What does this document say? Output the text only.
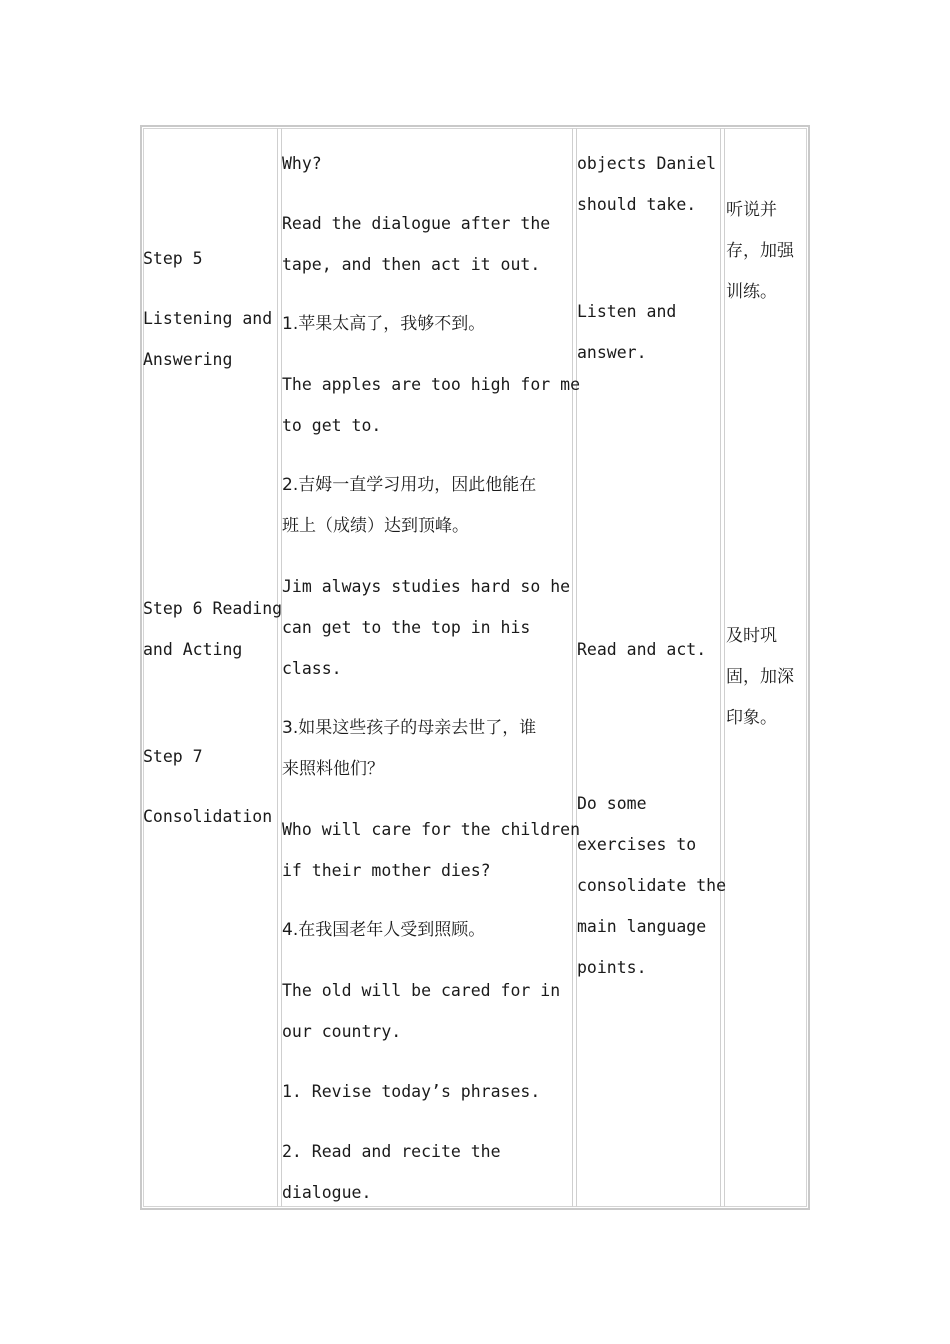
Step 5
Listening and
Answering
Step 6 Reading
and Acting
Step 7
Consolidation
Why?
Read the dialogue after the
tape, and then act it out.
1.苹果太高了，我够不到。
The apples are too high for me
to get to.
2.吉姆一直学习用功，因此他能在
班上（成绩）达到顶峰。
Jim always studies hard so he
can get to the top in his
class.
3.如果这些孩子的母亲去世了，谁
来照料他们？
Who will care for the children
if their mother dies?
4.在我国老年人受到照顾。
The old will be cared for in
our country.
1. Revise today’s phrases.
2. Read and recite the
dialogue.
objects Daniel
should take.
Listen and
answer.
Read and act.
Do some
exercises to
consolidate the
main language
points.
听说并
存，加强
训练。
及时巩
固，加深
印象。
